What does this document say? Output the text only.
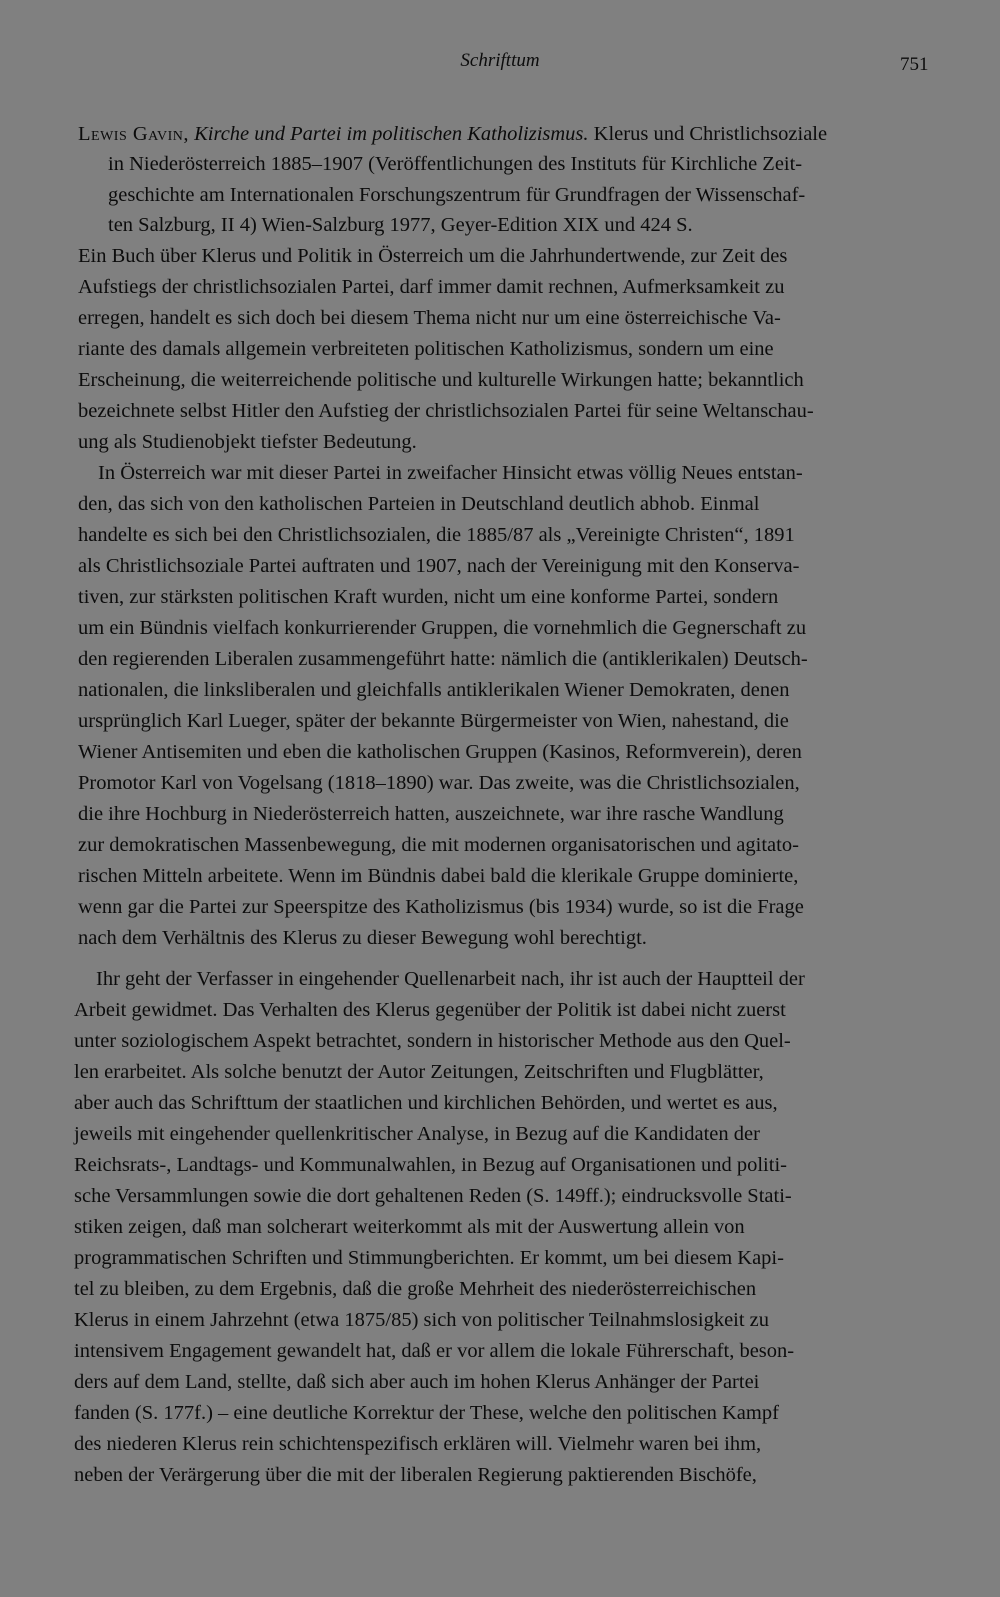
Schrifttum	751
Lewis Gavin, Kirche und Partei im politischen Katholizismus. Klerus und Christlichsoziale
in Niederösterreich 1885–1907 (Veröffentlichungen des Instituts für Kirchliche Zeit-
geschichte am Internationalen Forschungszentrum für Grundfragen der Wissenschaf-
ten Salzburg, II 4) Wien-Salzburg 1977, Geyer-Edition XIX und 424 S.
Ein Buch über Klerus und Politik in Österreich um die Jahrhundertwende, zur Zeit des
Aufstiegs der christlichsozialen Partei, darf immer damit rechnen, Aufmerksamkeit zu
erregen, handelt es sich doch bei diesem Thema nicht nur um eine österreichische Va-
riante des damals allgemein verbreiteten politischen Katholizismus, sondern um eine
Erscheinung, die weiterreichende politische und kulturelle Wirkungen hatte; bekanntlich
bezeichnete selbst Hitler den Aufstieg der christlichsozialen Partei für seine Weltanschau-
ung als Studienobjekt tiefster Bedeutung.
In Österreich war mit dieser Partei in zweifacher Hinsicht etwas völlig Neues entstan-
den, das sich von den katholischen Parteien in Deutschland deutlich abhob. Einmal
handelte es sich bei den Christlichsozialen, die 1885/87 als „Vereinigte Christen“, 1891
als Christlichsoziale Partei auftraten und 1907, nach der Vereinigung mit den Konserva-
tiven, zur stärksten politischen Kraft wurden, nicht um eine konforme Partei, sondern
um ein Bündnis vielfach konkurrierender Gruppen, die vornehmlich die Gegnerschaft zu
den regierenden Liberalen zusammengeführt hatte: nämlich die (antiklerikalen) Deutsch-
nationalen, die linksliberalen und gleichfalls antiklerikalen Wiener Demokraten, denen
ursprünglich Karl Lueger, später der bekannte Bürgermeister von Wien, nahestand, die
Wiener Antisemiten und eben die katholischen Gruppen (Kasinos, Reformverein), deren
Promotor Karl von Vogelsang (1818–1890) war. Das zweite, was die Christlichsozialen,
die ihre Hochburg in Niederösterreich hatten, auszeichnete, war ihre rasche Wandlung
zur demokratischen Massenbewegung, die mit modernen organisatorischen und agitato-
rischen Mitteln arbeitete. Wenn im Bündnis dabei bald die klerikale Gruppe dominierte,
wenn gar die Partei zur Speerspitze des Katholizismus (bis 1934) wurde, so ist die Frage
nach dem Verhältnis des Klerus zu dieser Bewegung wohl berechtigt.
Ihr geht der Verfasser in eingehender Quellenarbeit nach, ihr ist auch der Hauptteil der
Arbeit gewidmet. Das Verhalten des Klerus gegenüber der Politik ist dabei nicht zuerst
unter soziologischem Aspekt betrachtet, sondern in historischer Methode aus den Quel-
len erarbeitet. Als solche benutzt der Autor Zeitungen, Zeitschriften und Flugblätter,
aber auch das Schrifttum der staatlichen und kirchlichen Behörden, und wertet es aus,
jeweils mit eingehender quellenkritischer Analyse, in Bezug auf die Kandidaten der
Reichsrats-, Landtags- und Kommunalwahlen, in Bezug auf Organisationen und politi-
sche Versammlungen sowie die dort gehaltenen Reden (S. 149ff.); eindrucksvolle Stati-
stiken zeigen, daß man solcherart weiterkommt als mit der Auswertung allein von
programmatischen Schriften und Stimmungberichten. Er kommt, um bei diesem Kapi-
tel zu bleiben, zu dem Ergebnis, daß die große Mehrheit des niederösterreichischen
Klerus in einem Jahrzehnt (etwa 1875/85) sich von politischer Teilnahmslosigkeit zu
intensivem Engagement gewandelt hat, daß er vor allem die lokale Führerschaft, beson-
ders auf dem Land, stellte, daß sich aber auch im hohen Klerus Anhänger der Partei
fanden (S. 177f.) – eine deutliche Korrektur der These, welche den politischen Kampf
des niederen Klerus rein schichtenspezifisch erklären will. Vielmehr waren bei ihm,
neben der Verärgerung über die mit der liberalen Regierung paktierenden Bischöfe,
